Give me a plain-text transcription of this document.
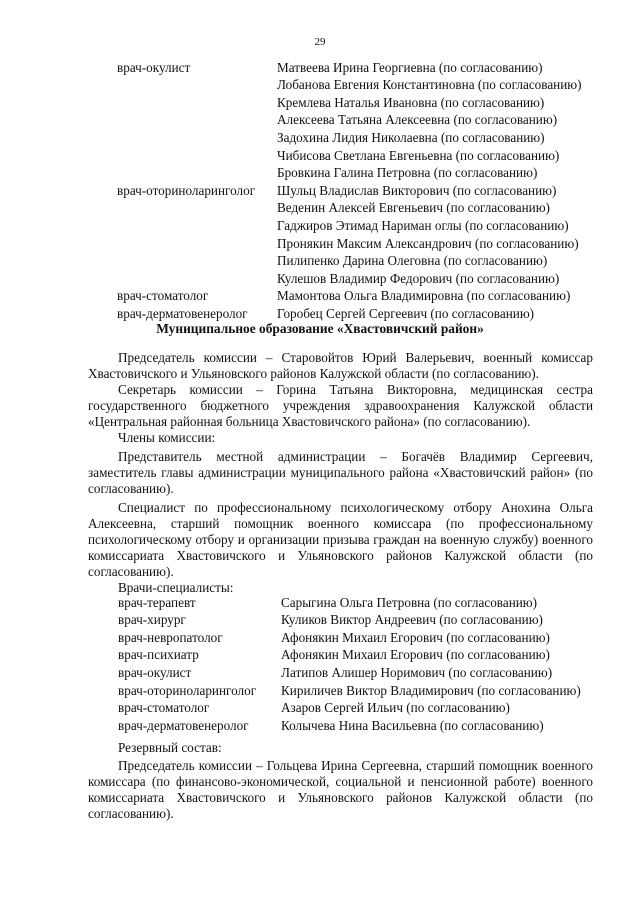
29
врач-окулист	Матвеева Ирина Георгиевна (по согласованию)
Лобанова Евгения Константиновна (по согласованию)
Кремлева Наталья Ивановна (по согласованию)
Алексеева Татьяна Алексеевна (по согласованию)
Задохина Лидия Николаевна (по согласованию)
Чибисова Светлана Евгеньевна (по согласованию)
Бровкина Галина Петровна (по согласованию)
врач-оториноларинголог	Шульц Владислав Викторович (по согласованию)
Веденин Алексей Евгеньевич (по согласованию)
Гаджиров Этимад Нариман оглы (по согласованию)
Пронякин Максим Александрович (по согласованию)
Пилипенко Дарина Олеговна (по согласованию)
Кулешов Владимир Федорович (по согласованию)
врач-стоматолог	Мамонтова Ольга Владимировна (по согласованию)
врач-дерматовенеролог	Горобец Сергей Сергеевич (по согласованию)
Муниципальное образование «Хвастовичский район»

Председатель комиссии – Старовойтов Юрий Валерьевич, военный комиссар Хвастовичского и Ульяновского районов Калужской области (по согласованию).

Секретарь комиссии – Горина Татьяна Викторовна, медицинская сестра государственного бюджетного учреждения здравоохранения Калужской области «Центральная районная больница Хвастовичского района» (по согласованию).

Члены комиссии:

Представитель местной администрации – Богачёв Владимир Сергеевич, заместитель главы администрации муниципального района «Хвастовичский район» (по согласованию).

Специалист по профессиональному психологическому отбору Анохина Ольга Алексеевна, старший помощник военного комиссара (по профессиональному психологическому отбору и организации призыва граждан на военную службу) военного комиссариата Хвастовичского и Ульяновского районов Калужской области (по согласованию).

Врачи-специалисты:

врач-терапевт	Сарыгина Ольга Петровна (по согласованию)
врач-хирург	Куликов Виктор Андреевич (по согласованию)
врач-невропатолог	Афонякин Михаил Егорович (по согласованию)
врач-психиатр	Афонякин Михаил Егорович (по согласованию)
врач-окулист	Латипов Алишер Норимович (по согласованию)
врач-оториноларинголог	Кириличев Виктор Владимирович (по согласованию)
врач-стоматолог	Азаров Сергей Ильич (по согласованию)
врач-дерматовенеролог	Колычева Нина Васильевна (по согласованию)

Резервный состав:

Председатель комиссии – Гольцева Ирина Сергеевна, старший помощник военного комиссара (по финансово-экономической, социальной и пенсионной работе) военного комиссариата Хвастовичского и Ульяновского районов Калужской области (по согласованию).
